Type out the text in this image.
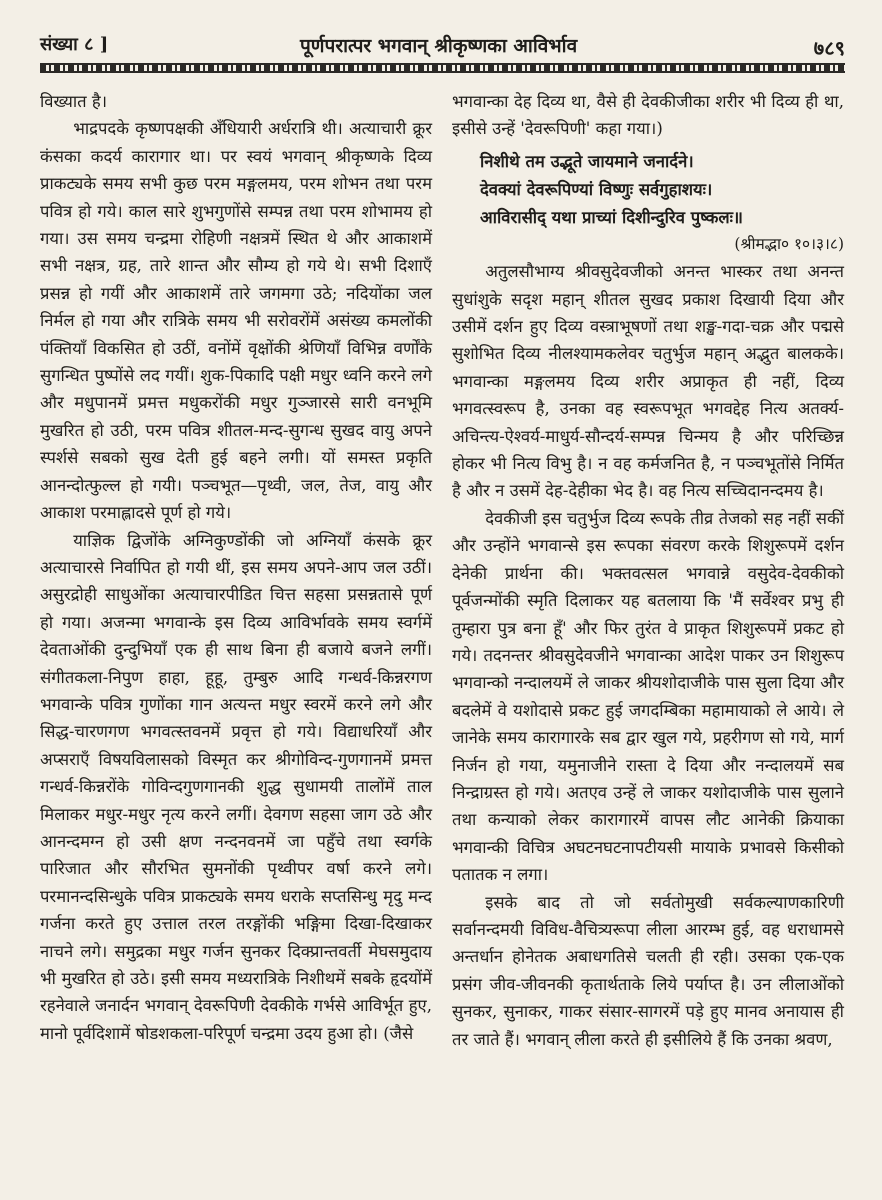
संख्या ८ ]	पूर्णपरात्पर भगवान् श्रीकृष्णका आविर्भाव	७८९

विख्यात है।

भाद्रपदके कृष्णपक्षकी अँधियारी अर्धरात्रि थी। अत्याचारी क्रूर कंसका कदर्य कारागार था। पर स्वयं भगवान् श्रीकृष्णके दिव्य प्राकट्यके समय सभी कुछ परम मङ्गलमय, परम शोभन तथा परम पवित्र हो गये। काल सारे शुभगुणोंसे सम्पन्न तथा परम शोभामय हो गया। उस समय चन्द्रमा रोहिणी नक्षत्रमें स्थित थे और आकाशमें सभी नक्षत्र, ग्रह, तारे शान्त और सौम्य हो गये थे। सभी दिशाएँ प्रसन्न हो गयीं और आकाशमें तारे जगमगा उठे; नदियोंका जल निर्मल हो गया और रात्रिके समय भी सरोवरोंमें असंख्य कमलोंकी पंक्तियाँ विकसित हो उठीं, वनोंमें वृक्षोंकी श्रेणियाँ विभिन्न वर्णोंके सुगन्धित पुष्पोंसे लद गयीं। शुक-पिकादि पक्षी मधुर ध्वनि करने लगे और मधुपानमें प्रमत्त मधुकरोंकी मधुर गुञ्जारसे सारी वनभूमि मुखरित हो उठी, परम पवित्र शीतल-मन्द-सुगन्ध सुखद वायु अपने स्पर्शसे सबको सुख देती हुई बहने लगी। यों समस्त प्रकृति आनन्दोत्फुल्ल हो गयी। पञ्चभूत—पृथ्वी, जल, तेज, वायु और आकाश परमाह्लादसे पूर्ण हो गये।

याज्ञिक द्विजोंके अग्निकुण्डोंकी जो अग्नियाँ कंसके क्रूर अत्याचारसे निर्वापित हो गयी थीं, इस समय अपने-आप जल उठीं। असुरद्रोही साधुओंका अत्याचारपीडित चित्त सहसा प्रसन्नतासे पूर्ण हो गया। अजन्मा भगवान्के इस दिव्य आविर्भावके समय स्वर्गमें देवताओंकी दुन्दुभियाँ एक ही साथ बिना ही बजाये बजने लगीं। संगीतकला-निपुण हाहा, हूहू, तुम्बुरु आदि गन्धर्व-किन्नरगण भगवान्के पवित्र गुणोंका गान अत्यन्त मधुर स्वरमें करने लगे और सिद्ध-चारणगण भगवत्स्तवनमें प्रवृत्त हो गये। विद्याधरियाँ और अप्सराएँ विषयविलासको विस्मृत कर श्रीगोविन्द-गुणगानमें प्रमत्त गन्धर्व-किन्नरोंके गोविन्दगुणगानकी शुद्ध सुधामयी तालोंमें ताल मिलाकर मधुर-मधुर नृत्य करने लगीं। देवगण सहसा जाग उठे और आनन्दमग्न हो उसी क्षण नन्दनवनमें जा पहुँचे तथा स्वर्गके पारिजात और सौरभित सुमनोंकी पृथ्वीपर वर्षा करने लगे। परमानन्दसिन्धुके पवित्र प्राकट्यके समय धराके सप्तसिन्धु मृदु मन्द गर्जना करते हुए उत्ताल तरल तरङ्गोंकी भङ्गिमा दिखा-दिखाकर नाचने लगे। समुद्रका मधुर गर्जन सुनकर दिक्प्रान्तवर्ती मेघसमुदाय भी मुखरित हो उठे। इसी समय मध्यरात्रिके निशीथमें सबके हृदयोंमें रहनेवाले जनार्दन भगवान् देवरूपिणी देवकीके गर्भसे आविर्भूत हुए, मानो पूर्वदिशामें षोडशकला-परिपूर्ण चन्द्रमा उदय हुआ हो। (जैसे

भगवान्का देह दिव्य था, वैसे ही देवकीजीका शरीर भी दिव्य ही था, इसीसे उन्हें 'देवरूपिणी' कहा गया।)

निशीथे तम उद्भूते जायमाने जनार्दने।
देवक्यां देवरूपिण्यां विष्णुः सर्वगुहाशयः।
आविरासीद् यथा प्राच्यां दिशीन्दुरिव पुष्कलः॥

(श्रीमद्भा० १०।३।८)

अतुलसौभाग्य श्रीवसुदेवजीको अनन्त भास्कर तथा अनन्त सुधांशुके सदृश महान् शीतल सुखद प्रकाश दिखायी दिया और उसीमें दर्शन हुए दिव्य वस्त्राभूषणों तथा शङ्ख-गदा-चक्र और पद्मसे सुशोभित दिव्य नीलश्यामकलेवर चतुर्भुज महान् अद्भुत बालकके। भगवान्का मङ्गलमय दिव्य शरीर अप्राकृत ही नहीं, दिव्य भगवत्स्वरूप है, उनका वह स्वरूपभूत भगवद्देह नित्य अतर्क्य-अचिन्त्य-ऐश्वर्य-माधुर्य-सौन्दर्य-सम्पन्न चिन्मय है और परिच्छिन्न होकर भी नित्य विभु है। न वह कर्मजनित है, न पञ्चभूतोंसे निर्मित है और न उसमें देह-देहीका भेद है। वह नित्य सच्चिदानन्दमय है।

देवकीजी इस चतुर्भुज दिव्य रूपके तीव्र तेजको सह नहीं सकीं और उन्होंने भगवान्से इस रूपका संवरण करके शिशुरूपमें दर्शन देनेकी प्रार्थना की। भक्तवत्सल भगवान्ने वसुदेव-देवकीको पूर्वजन्मोंकी स्मृति दिलाकर यह बतलाया कि 'मैं सर्वेश्वर प्रभु ही तुम्हारा पुत्र बना हूँ' और फिर तुरंत वे प्राकृत शिशुरूपमें प्रकट हो गये। तदनन्तर श्रीवसुदेवजीने भगवान्का आदेश पाकर उन शिशुरूप भगवान्को नन्दालयमें ले जाकर श्रीयशोदाजीके पास सुला दिया और बदलेमें वे यशोदासे प्रकट हुई जगदम्बिका महामायाको ले आये। ले जानेके समय कारागारके सब द्वार खुल गये, प्रहरीगण सो गये, मार्ग निर्जन हो गया, यमुनाजीने रास्ता दे दिया और नन्दालयमें सब निन्द्राग्रस्त हो गये। अतएव उन्हें ले जाकर यशोदाजीके पास सुलाने तथा कन्याको लेकर कारागारमें वापस लौट आनेकी क्रियाका भगवान्की विचित्र अघटनघटनापटीयसी मायाके प्रभावसे किसीको पतातक न लगा।

इसके बाद तो जो सर्वतोमुखी सर्वकल्याणकारिणी सर्वानन्दमयी विविध-वैचित्र्यरूपा लीला आरम्भ हुई, वह धराधामसे अन्तर्धान होनेतक अबाधगतिसे चलती ही रही। उसका एक-एक प्रसंग जीव-जीवनकी कृतार्थताके लिये पर्याप्त है। उन लीलाओंको सुनकर, सुनाकर, गाकर संसार-सागरमें पड़े हुए मानव अनायास ही तर जाते हैं। भगवान् लीला करते ही इसीलिये हैं कि उनका श्रवण,
